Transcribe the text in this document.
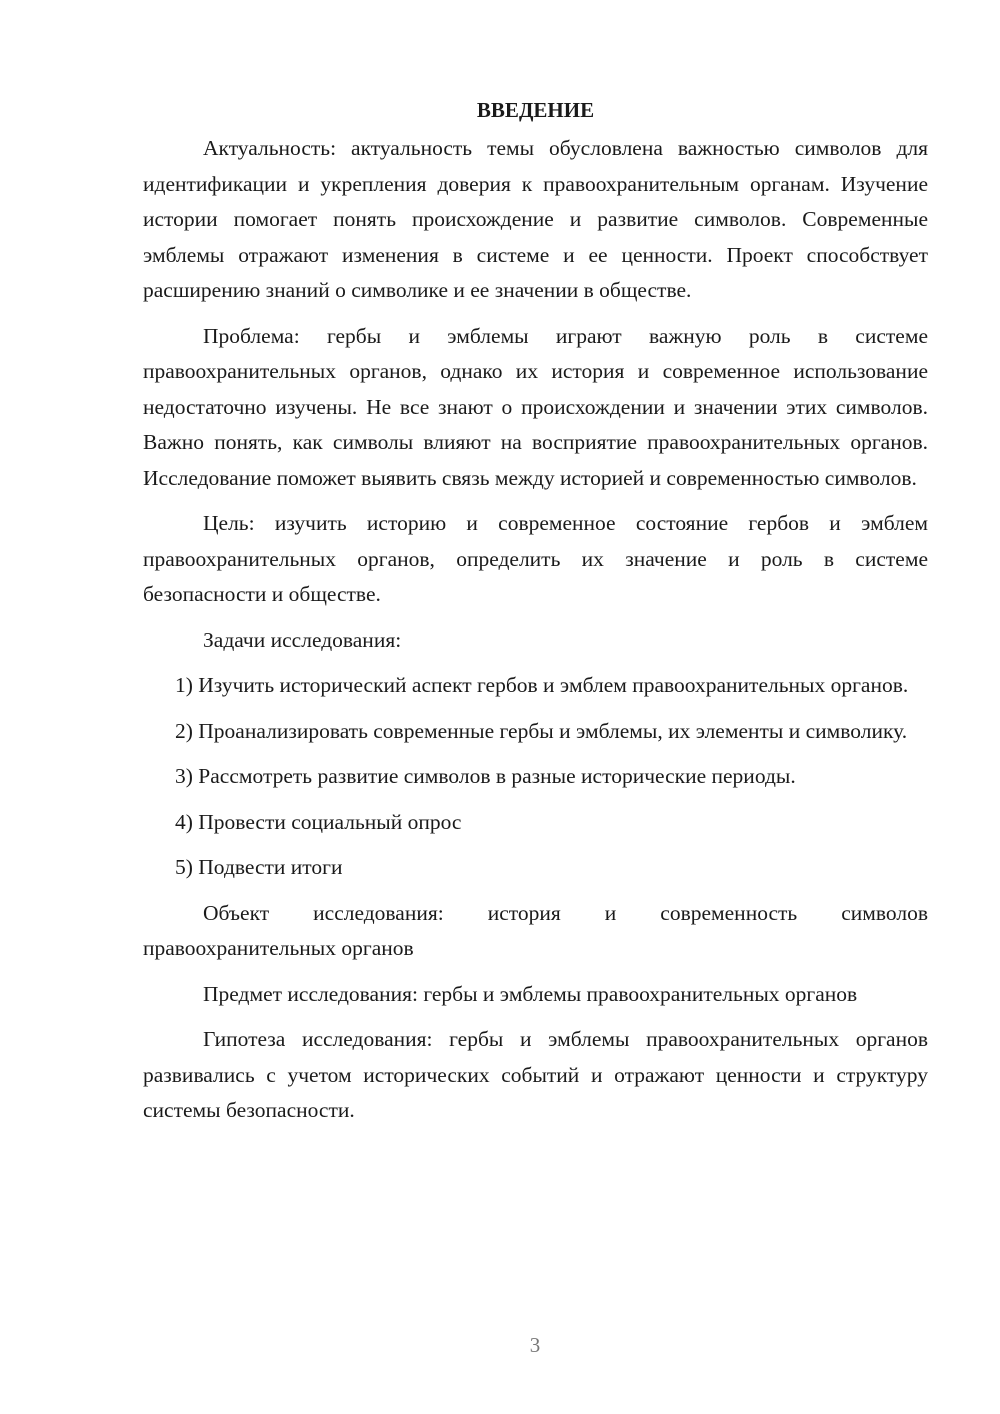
ВВЕДЕНИЕ

Актуальность: актуальность темы обусловлена важностью символов для идентификации и укрепления доверия к правоохранительным органам. Изучение истории помогает понять происхождение и развитие символов. Современные эмблемы отражают изменения в системе и ее ценности. Проект способствует расширению знаний о символике и ее значении в обществе.

Проблема: гербы и эмблемы играют важную роль в системе правоохранительных органов, однако их история и современное использование недостаточно изучены. Не все знают о происхождении и значении этих символов. Важно понять, как символы влияют на восприятие правоохранительных органов. Исследование поможет выявить связь между историей и современностью символов.

Цель: изучить историю и современное состояние гербов и эмблем правоохранительных органов, определить их значение и роль в системе безопасности и обществе.

Задачи исследования:

1) Изучить исторический аспект гербов и эмблем правоохранительных органов.

2) Проанализировать современные гербы и эмблемы, их элементы и символику.

3) Рассмотреть развитие символов в разные исторические периоды.

4) Провести социальный опрос

5) Подвести итоги

Объект исследования: история и современность символов правоохранительных органов

Предмет исследования: гербы и эмблемы правоохранительных органов

Гипотеза исследования: гербы и эмблемы правоохранительных органов развивались с учетом исторических событий и отражают ценности и структуру системы безопасности.

3
